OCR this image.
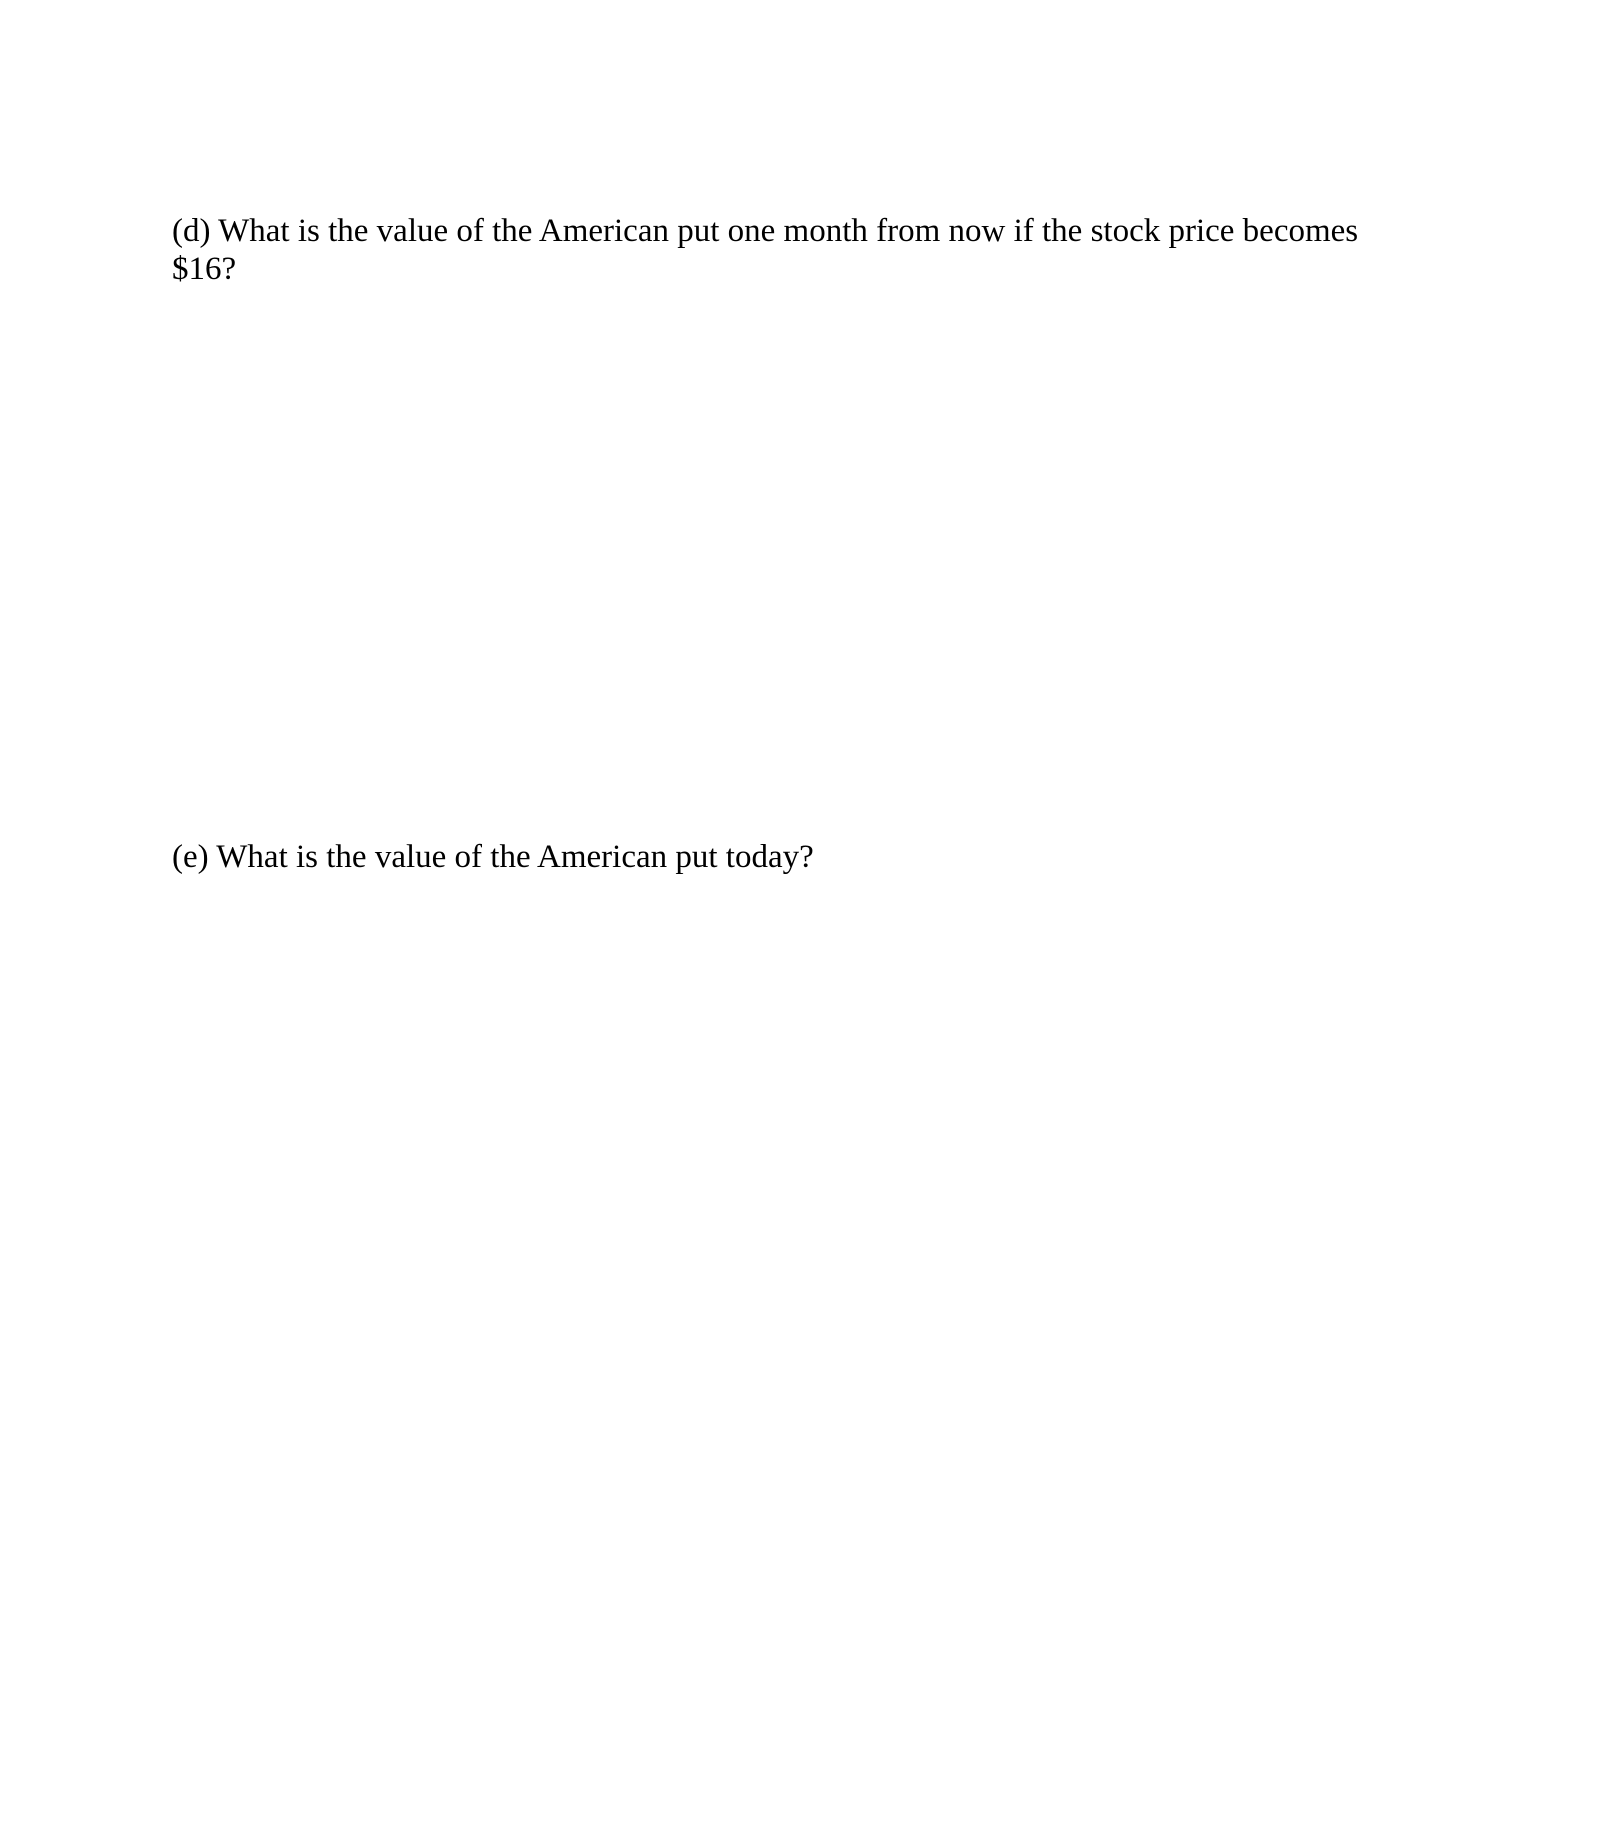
(d) What is the value of the American put one month from now if the stock price becomes $16?

(e) What is the value of the American put today?
